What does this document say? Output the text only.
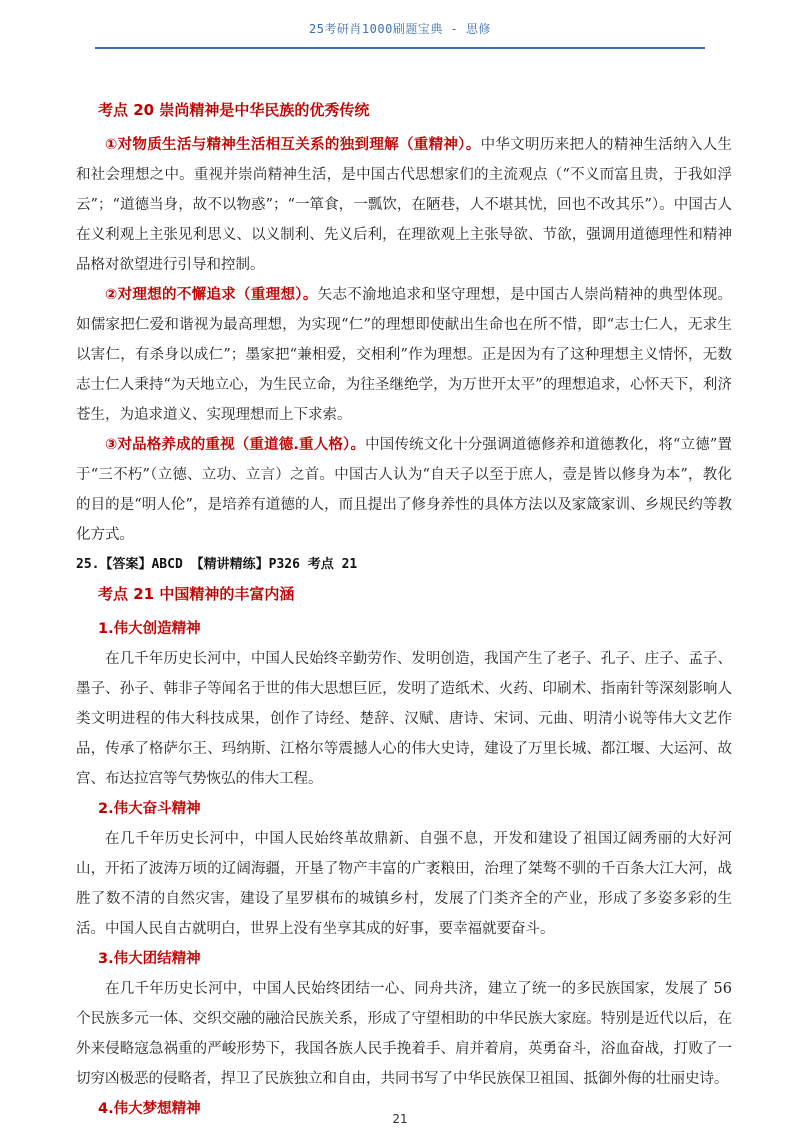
25考研肖1000刷题宝典 - 思修

考点 20 崇尚精神是中华民族的优秀传统

①对物质生活与精神生活相互关系的独到理解（重精神）。中华文明历来把人的精神生活纳入人生和社会理想之中。重视并崇尚精神生活，是中国古代思想家们的主流观点（“不义而富且贵，于我如浮云”；“道德当身，故不以物惑”；“一箪食，一瓢饮，在陋巷，人不堪其忧，回也不改其乐”）。中国古人在义利观上主张见利思义、以义制利、先义后利，在理欲观上主张导欲、节欲，强调用道德理性和精神品格对欲望进行引导和控制。

②对理想的不懈追求（重理想）。矢志不渝地追求和坚守理想，是中国古人崇尚精神的典型体现。如儒家把仁爱和谐视为最高理想，为实现“仁”的理想即使献出生命也在所不惜，即“志士仁人，无求生以害仁，有杀身以成仁”；墨家把“兼相爱，交相利”作为理想。正是因为有了这种理想主义情怀，无数志士仁人秉持“为天地立心，为生民立命，为往圣继绝学，为万世开太平”的理想追求，心怀天下，利济苍生，为追求道义、实现理想而上下求索。

③对品格养成的重视（重道德.重人格）。中国传统文化十分强调道德修养和道德教化，将“立德”置于“三不朽”（立德、立功、立言）之首。中国古人认为“自天子以至于庶人，壹是皆以修身为本”，教化的目的是“明人伦”，是培养有道德的人，而且提出了修身养性的具体方法以及家箴家训、乡规民约等教化方式。

25.【答案】ABCD 【精讲精练】P326 考点 21

考点 21 中国精神的丰富内涵

1.伟大创造精神

在几千年历史长河中，中国人民始终辛勤劳作、发明创造，我国产生了老子、孔子、庄子、孟子、墨子、孙子、韩非子等闻名于世的伟大思想巨匠，发明了造纸术、火药、印刷术、指南针等深刻影响人类文明进程的伟大科技成果，创作了诗经、楚辞、汉赋、唐诗、宋词、元曲、明清小说等伟大文艺作品，传承了格萨尔王、玛纳斯、江格尔等震撼人心的伟大史诗，建设了万里长城、都江堰、大运河、故宫、布达拉宫等气势恢弘的伟大工程。

2.伟大奋斗精神

在几千年历史长河中，中国人民始终革故鼎新、自强不息，开发和建设了祖国辽阔秀丽的大好河山，开拓了波涛万顷的辽阔海疆，开垦了物产丰富的广袤粮田，治理了桀骜不驯的千百条大江大河，战胜了数不清的自然灾害，建设了星罗棋布的城镇乡村，发展了门类齐全的产业，形成了多姿多彩的生活。中国人民自古就明白，世界上没有坐享其成的好事，要幸福就要奋斗。

3.伟大团结精神

在几千年历史长河中，中国人民始终团结一心、同舟共济，建立了统一的多民族国家，发展了 56 个民族多元一体、交织交融的融洽民族关系，形成了守望相助的中华民族大家庭。特别是近代以后，在外来侵略寇急祸重的严峻形势下，我国各族人民手挽着手、肩并着肩，英勇奋斗，浴血奋战，打败了一切穷凶极恶的侵略者，捍卫了民族独立和自由，共同书写了中华民族保卫祖国、抵御外侮的壮丽史诗。

4.伟大梦想精神

21
